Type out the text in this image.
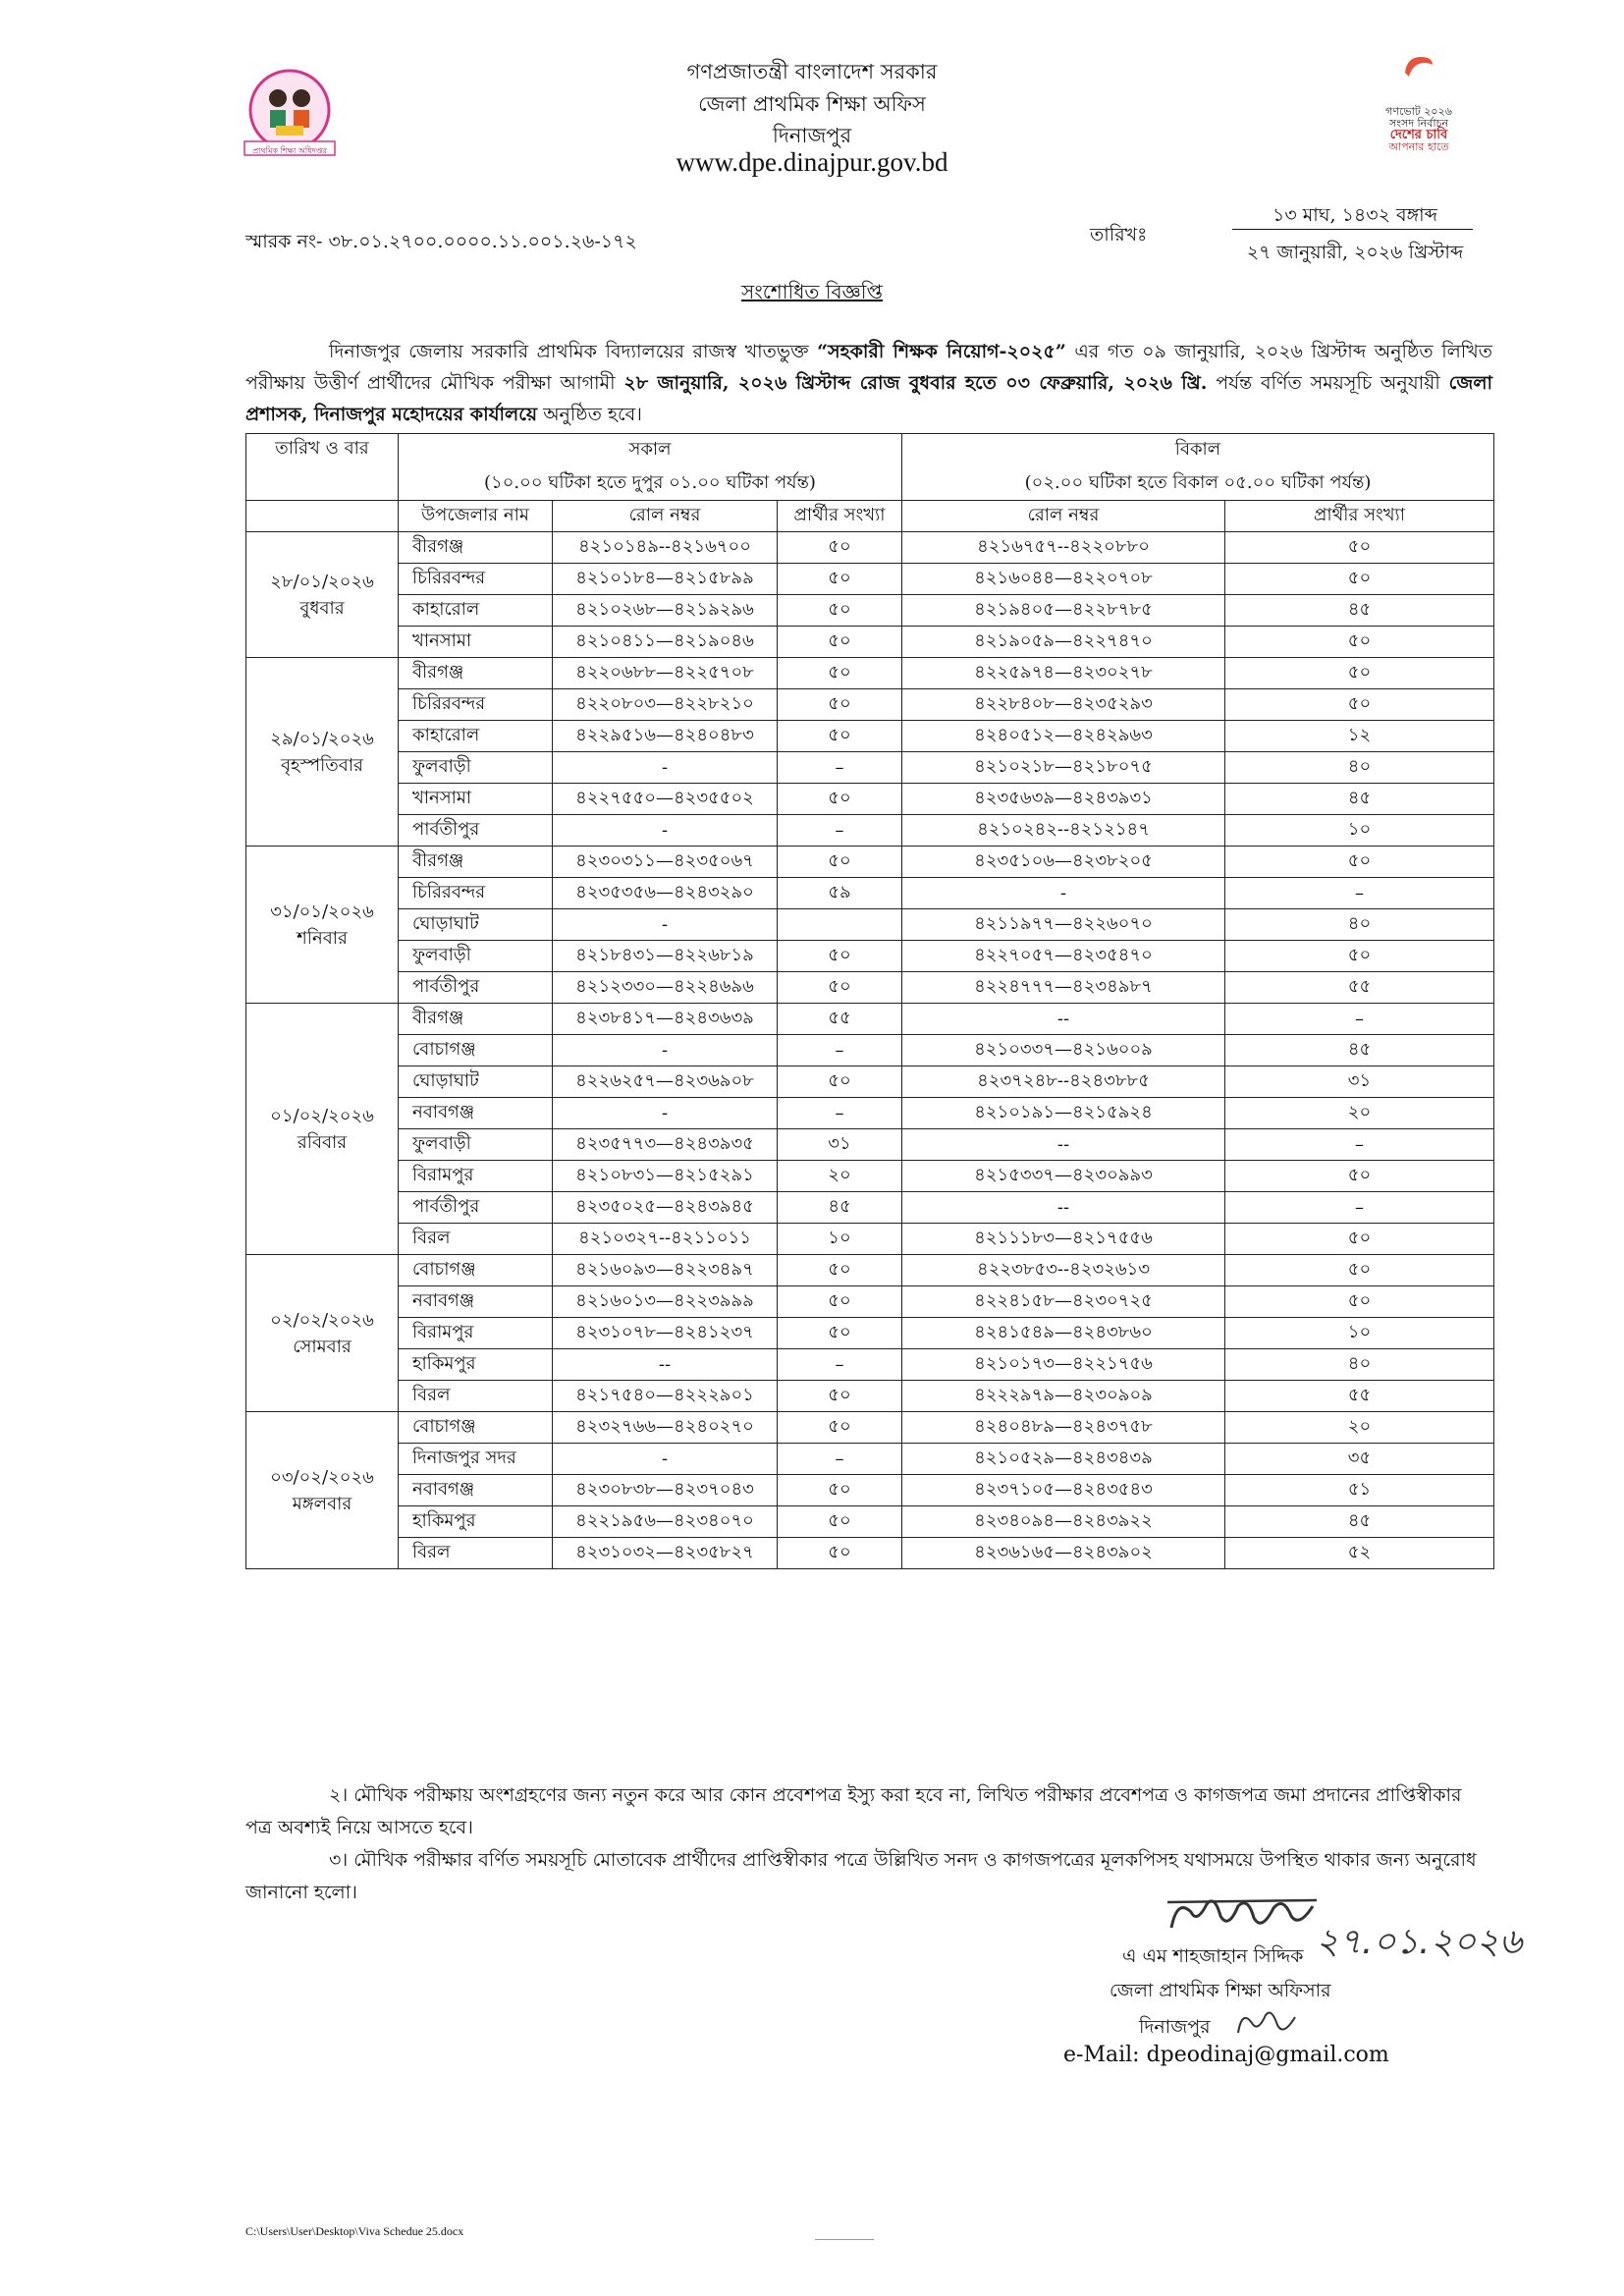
প্রাথমিক শিক্ষা অধিদপ্তর
গণভোট ২০২৬
সংসদ নির্বাচন
দেশের চাবি
আপনার হাতে
গণপ্রজাতন্ত্রী বাংলাদেশ সরকার
জেলা প্রাথমিক শিক্ষা অফিস
দিনাজপুর
www.dpe.dinajpur.gov.bd
স্মারক নং- ৩৮.০১.২৭০০.০০০০.১১.০০১.২৬-১৭২	তারিখঃ
১৩ মাঘ, ১৪৩২ বঙ্গাব্দ
২৭ জানুয়ারী, ২০২৬ খ্রিস্টাব্দ
সংশোধিত বিজ্ঞপ্তি
দিনাজপুর জেলায় সরকারি প্রাথমিক বিদ্যালয়ের রাজস্ব খাতভুক্ত “সহকারী শিক্ষক নিয়োগ-২০২৫” এর গত ০৯ জানুয়ারি, ২০২৬ খ্রিস্টাব্দ অনুষ্ঠিত লিখিত পরীক্ষায় উত্তীর্ণ প্রার্থীদের মৌখিক পরীক্ষা আগামী ২৮ জানুয়ারি, ২০২৬ খ্রিস্টাব্দ রোজ বুধবার হতে ০৩ ফেব্রুয়ারি, ২০২৬ খ্রি. পর্যন্ত বর্ণিত সময়সূচি অনুযায়ী জেলা প্রশাসক, দিনাজপুর মহোদয়ের কার্যালয়ে অনুষ্ঠিত হবে।
তারিখ ও বার	সকাল			বিকাল	
	(১০.০০ ঘটিকা হতে দুপুর ০১.০০ ঘটিকা পর্যন্ত)			(০২.০০ ঘটিকা হতে বিকাল ০৫.০০ ঘটিকা পর্যন্ত)	
	উপজেলার নাম	রোল নম্বর	প্রার্থীর সংখ্যা	রোল নম্বর	প্রার্থীর সংখ্যা

২৮/০১/২০২৬
বুধবার	বীরগঞ্জ	৪২১০১৪৯--৪২১৬৭০০	৫০	৪২১৬৭৫৭--৪২২০৮৮০	৫০
	চিরিরবন্দর	৪২১০১৮৪—৪২১৫৮৯৯	৫০	৪২১৬০৪৪—৪২২০৭০৮	৫০
	কাহারোল	৪২১০২৬৮—৪২১৯২৯৬	৫০	৪২১৯৪০৫—৪২২৮৭৮৫	৪৫
	খানসামা	৪২১০৪১১—৪২১৯০৪৬	৫০	৪২১৯০৫৯—৪২২৭৪৭০	৫০

২৯/০১/২০২৬
বৃহস্পতিবার	বীরগঞ্জ	৪২২০৬৮৮—৪২২৫৭০৮	৫০	৪২২৫৯৭৪—৪২৩০২৭৮	৫০
	চিরিরবন্দর	৪২২০৮০৩—৪২২৮২১০	৫০	৪২২৮৪০৮—৪২৩৫২৯৩	৫০
	কাহারোল	৪২২৯৫১৬—৪২৪০৪৮৩	৫০	৪২৪০৫১২—৪২৪২৯৬৩	১২
	ফুলবাড়ী	-	–	৪২১০২১৮—৪২১৮০৭৫	৪০
	খানসামা	৪২২৭৫৫০—৪২৩৫৫০২	৫০	৪২৩৫৬৩৯—৪২৪৩৯৩১	৪৫
	পার্বতীপুর	-	–	৪২১০২৪২--৪২১২১৪৭	১০

৩১/০১/২০২৬
শনিবার	বীরগঞ্জ	৪২৩০৩১১—৪২৩৫০৬৭	৫০	৪২৩৫১০৬—৪২৩৮২০৫	৫০
	চিরিরবন্দর	৪২৩৫৩৫৬—৪২৪৩২৯০	৫৯	-	–
	ঘোড়াঘাট	-		৪২১১৯৭৭—৪২২৬০৭০	৪০
	ফুলবাড়ী	৪২১৮৪৩১—৪২২৬৮১৯	৫০	৪২২৭০৫৭—৪২৩৫৪৭০	৫০
	পার্বতীপুর	৪২১২৩৩০—৪২২৪৬৯৬	৫০	৪২২৪৭৭৭—৪২৩৪৯৮৭	৫৫

০১/০২/২০২৬
রবিবার	বীরগঞ্জ	৪২৩৮৪১৭—৪২৪৩৬৩৯	৫৫	--	–
	বোচাগঞ্জ	-	–	৪২১০৩৩৭—৪২১৬০০৯	৪৫
	ঘোড়াঘাট	৪২২৬২৫৭—৪২৩৬৯০৮	৫০	৪২৩৭২৪৮--৪২৪৩৮৮৫	৩১
	নবাবগঞ্জ	-	–	৪২১০১৯১—৪২১৫৯২৪	২০
	ফুলবাড়ী	৪২৩৫৭৭৩—৪২৪৩৯৩৫	৩১	--	–
	বিরামপুর	৪২১০৮৩১—৪২১৫২৯১	২০	৪২১৫৩৩৭—৪২৩০৯৯৩	৫০
	পার্বতীপুর	৪২৩৫০২৫—৪২৪৩৯৪৫	৪৫	--	–
	বিরল	৪২১০৩২৭--৪২১১০১১	১০	৪২১১১৮৩—৪২১৭৫৫৬	৫০

০২/০২/২০২৬
সোমবার	বোচাগঞ্জ	৪২১৬০৯৩—৪২২৩৪৯৭	৫০	৪২২৩৮৫৩--৪২৩২৬১৩	৫০
	নবাবগঞ্জ	৪২১৬০১৩—৪২২৩৯৯৯	৫০	৪২২৪১৫৮—৪২৩০৭২৫	৫০
	বিরামপুর	৪২৩১০৭৮—৪২৪১২৩৭	৫০	৪২৪১৫৪৯—৪২৪৩৮৬০	১০
	হাকিমপুর	--	–	৪২১০১৭৩—৪২২১৭৫৬	৪০
	বিরল	৪২১৭৫৪০—৪২২২৯০১	৫০	৪২২২৯৭৯—৪২৩০৯০৯	৫৫

০৩/০২/২০২৬
মঙ্গলবার	বোচাগঞ্জ	৪২৩২৭৬৬—৪২৪০২৭০	৫০	৪২৪০৪৮৯—৪২৪৩৭৫৮	২০
	দিনাজপুর সদর	-	–	৪২১০৫২৯—৪২৪৩৪৩৯	৩৫
	নবাবগঞ্জ	৪২৩০৮৩৮—৪২৩৭০৪৩	৫০	৪২৩৭১০৫—৪২৪৩৫৪৩	৫১
	হাকিমপুর	৪২২১৯৫৬—৪২৩৪০৭০	৫০	৪২৩৪০৯৪—৪২৪৩৯২২	৪৫
	বিরল	৪২৩১০৩২—৪২৩৫৮২৭	৫০	৪২৩৬১৬৫—৪২৪৩৯০২	৫২
২। মৌখিক পরীক্ষায় অংশগ্রহণের জন্য নতুন করে আর কোন প্রবেশপত্র ইস্যু করা হবে না, লিখিত পরীক্ষার প্রবেশপত্র ও কাগজপত্র জমা প্রদানের প্রাপ্তিস্বীকার পত্র অবশ্যই নিয়ে আসতে হবে।
৩। মৌখিক পরীক্ষার বর্ণিত সময়সূচি মোতাবেক প্রার্থীদের প্রাপ্তিস্বীকার পত্রে উল্লিখিত সনদ ও কাগজপত্রের মূলকপিসহ যথাসময়ে উপস্থিত থাকার জন্য অনুরোধ জানানো হলো।
২৭.০১.২০২৬
এ এম শাহজাহান সিদ্দিক
জেলা প্রাথমিক শিক্ষা অফিসার
দিনাজপুর
e-Mail: dpeodinaj@gmail.com
C:\Users\User\Desktop\Viva Schedue 25.docx
